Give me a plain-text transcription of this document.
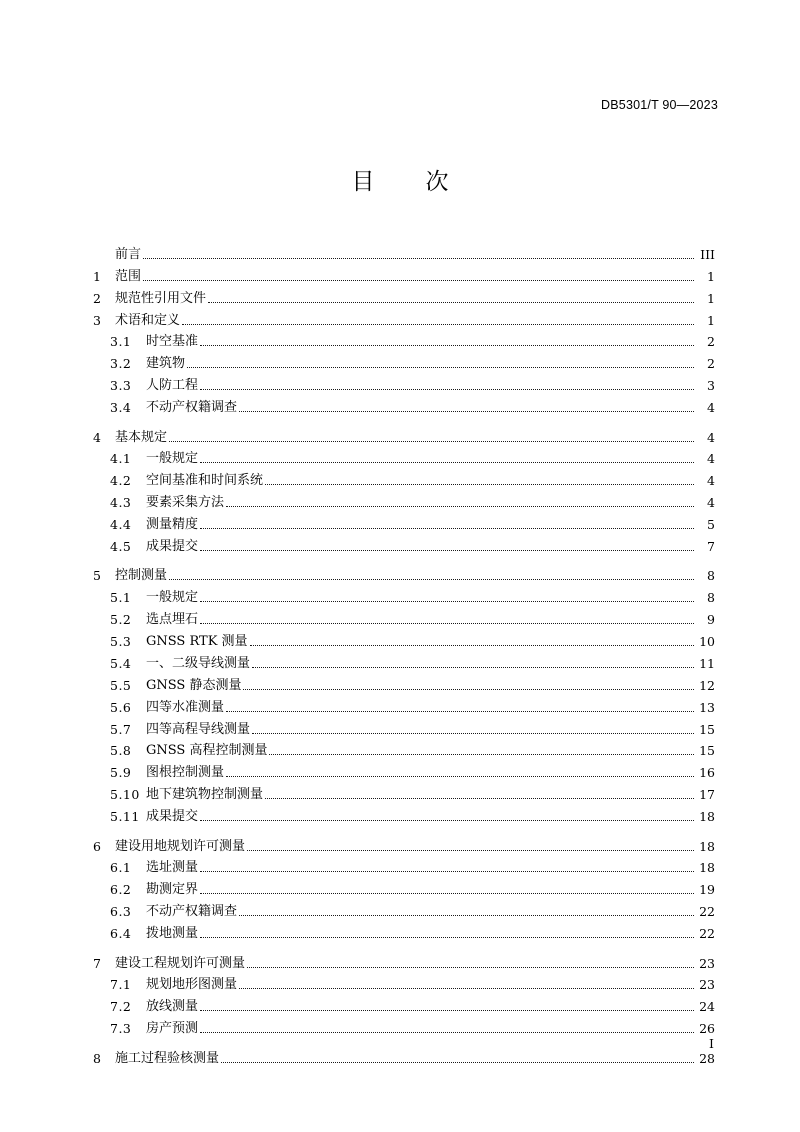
DB5301/T 90—2023
目　次
前言	III
1	范围	1
2	规范性引用文件	1
3	术语和定义	1
3.1	时空基准	2
3.2	建筑物	2
3.3	人防工程	3
3.4	不动产权籍调查	4
4	基本规定	4
4.1	一般规定	4
4.2	空间基准和时间系统	4
4.3	要素采集方法	4
4.4	测量精度	5
4.5	成果提交	7
5	控制测量	8
5.1	一般规定	8
5.2	选点埋石	9
5.3	GNSS RTK 测量	10
5.4	一、二级导线测量	11
5.5	GNSS 静态测量	12
5.6	四等水准测量	13
5.7	四等高程导线测量	15
5.8	GNSS 高程控制测量	15
5.9	图根控制测量	16
5.10 地下建筑物控制测量	17
5.11 成果提交	18
6	建设用地规划许可测量	18
6.1	选址测量	18
6.2	勘测定界	19
6.3	不动产权籍调查	22
6.4	拨地测量	22
7	建设工程规划许可测量	23
7.1	规划地形图测量	23
7.2	放线测量	24
7.3	房产预测	26
8	施工过程验核测量	28
I
